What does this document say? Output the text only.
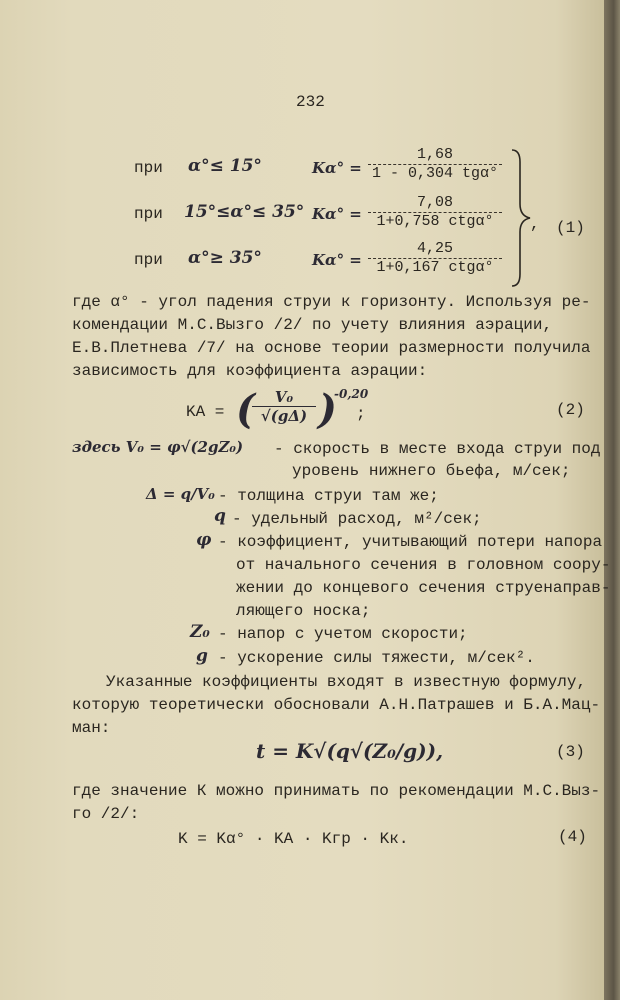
232
при α°≤ 15°	Kα° =
1,68
1 - 0,304 tgα°
при 15°≤α°≤ 35° Kα° =
7,08
1+0,758 ctgα°
при α°≥ 35°	Kα° =
4,25
1+0,167 ctgα°
, (1)
где α° - угол падения струи к горизонту. Используя ре-
комендации М.С.Вызго /2/ по учету влияния аэрации,
Е.В.Плетнева /7/ на основе теории размерности получила
зависимость для коэффициента аэрации:
KA = (
$\frac{\text{V₀}}{√(g\Delta)}$ )
-0,20
;	(2)
здесь V₀ = φ√(2gZ₀) - скорость в месте входа струи под
уровень нижнего бьефа, м/сек;
Δ = q/V₀ - толщина струи там же;
q - удельный расход, м²/сек;
φ - коэффициент, учитывающий потери напора
от начального сечения в головном соору-
жении до концевого сечения струенаправ-
ляющего носка;
Z₀ - напор с учетом скорости;
g - ускорение силы тяжести, м/сек².
Указанные коэффициенты входят в известную формулу,
которую теоретически обосновали А.Н.Патрашев и Б.А.Мац-
ман:
t = K√(q√(Z₀/g)),	(3)
где значение К можно принимать по рекомендации М.С.Выз-
го /2/:
K = Kα° · KA · Kгр · Kк.	(4)
